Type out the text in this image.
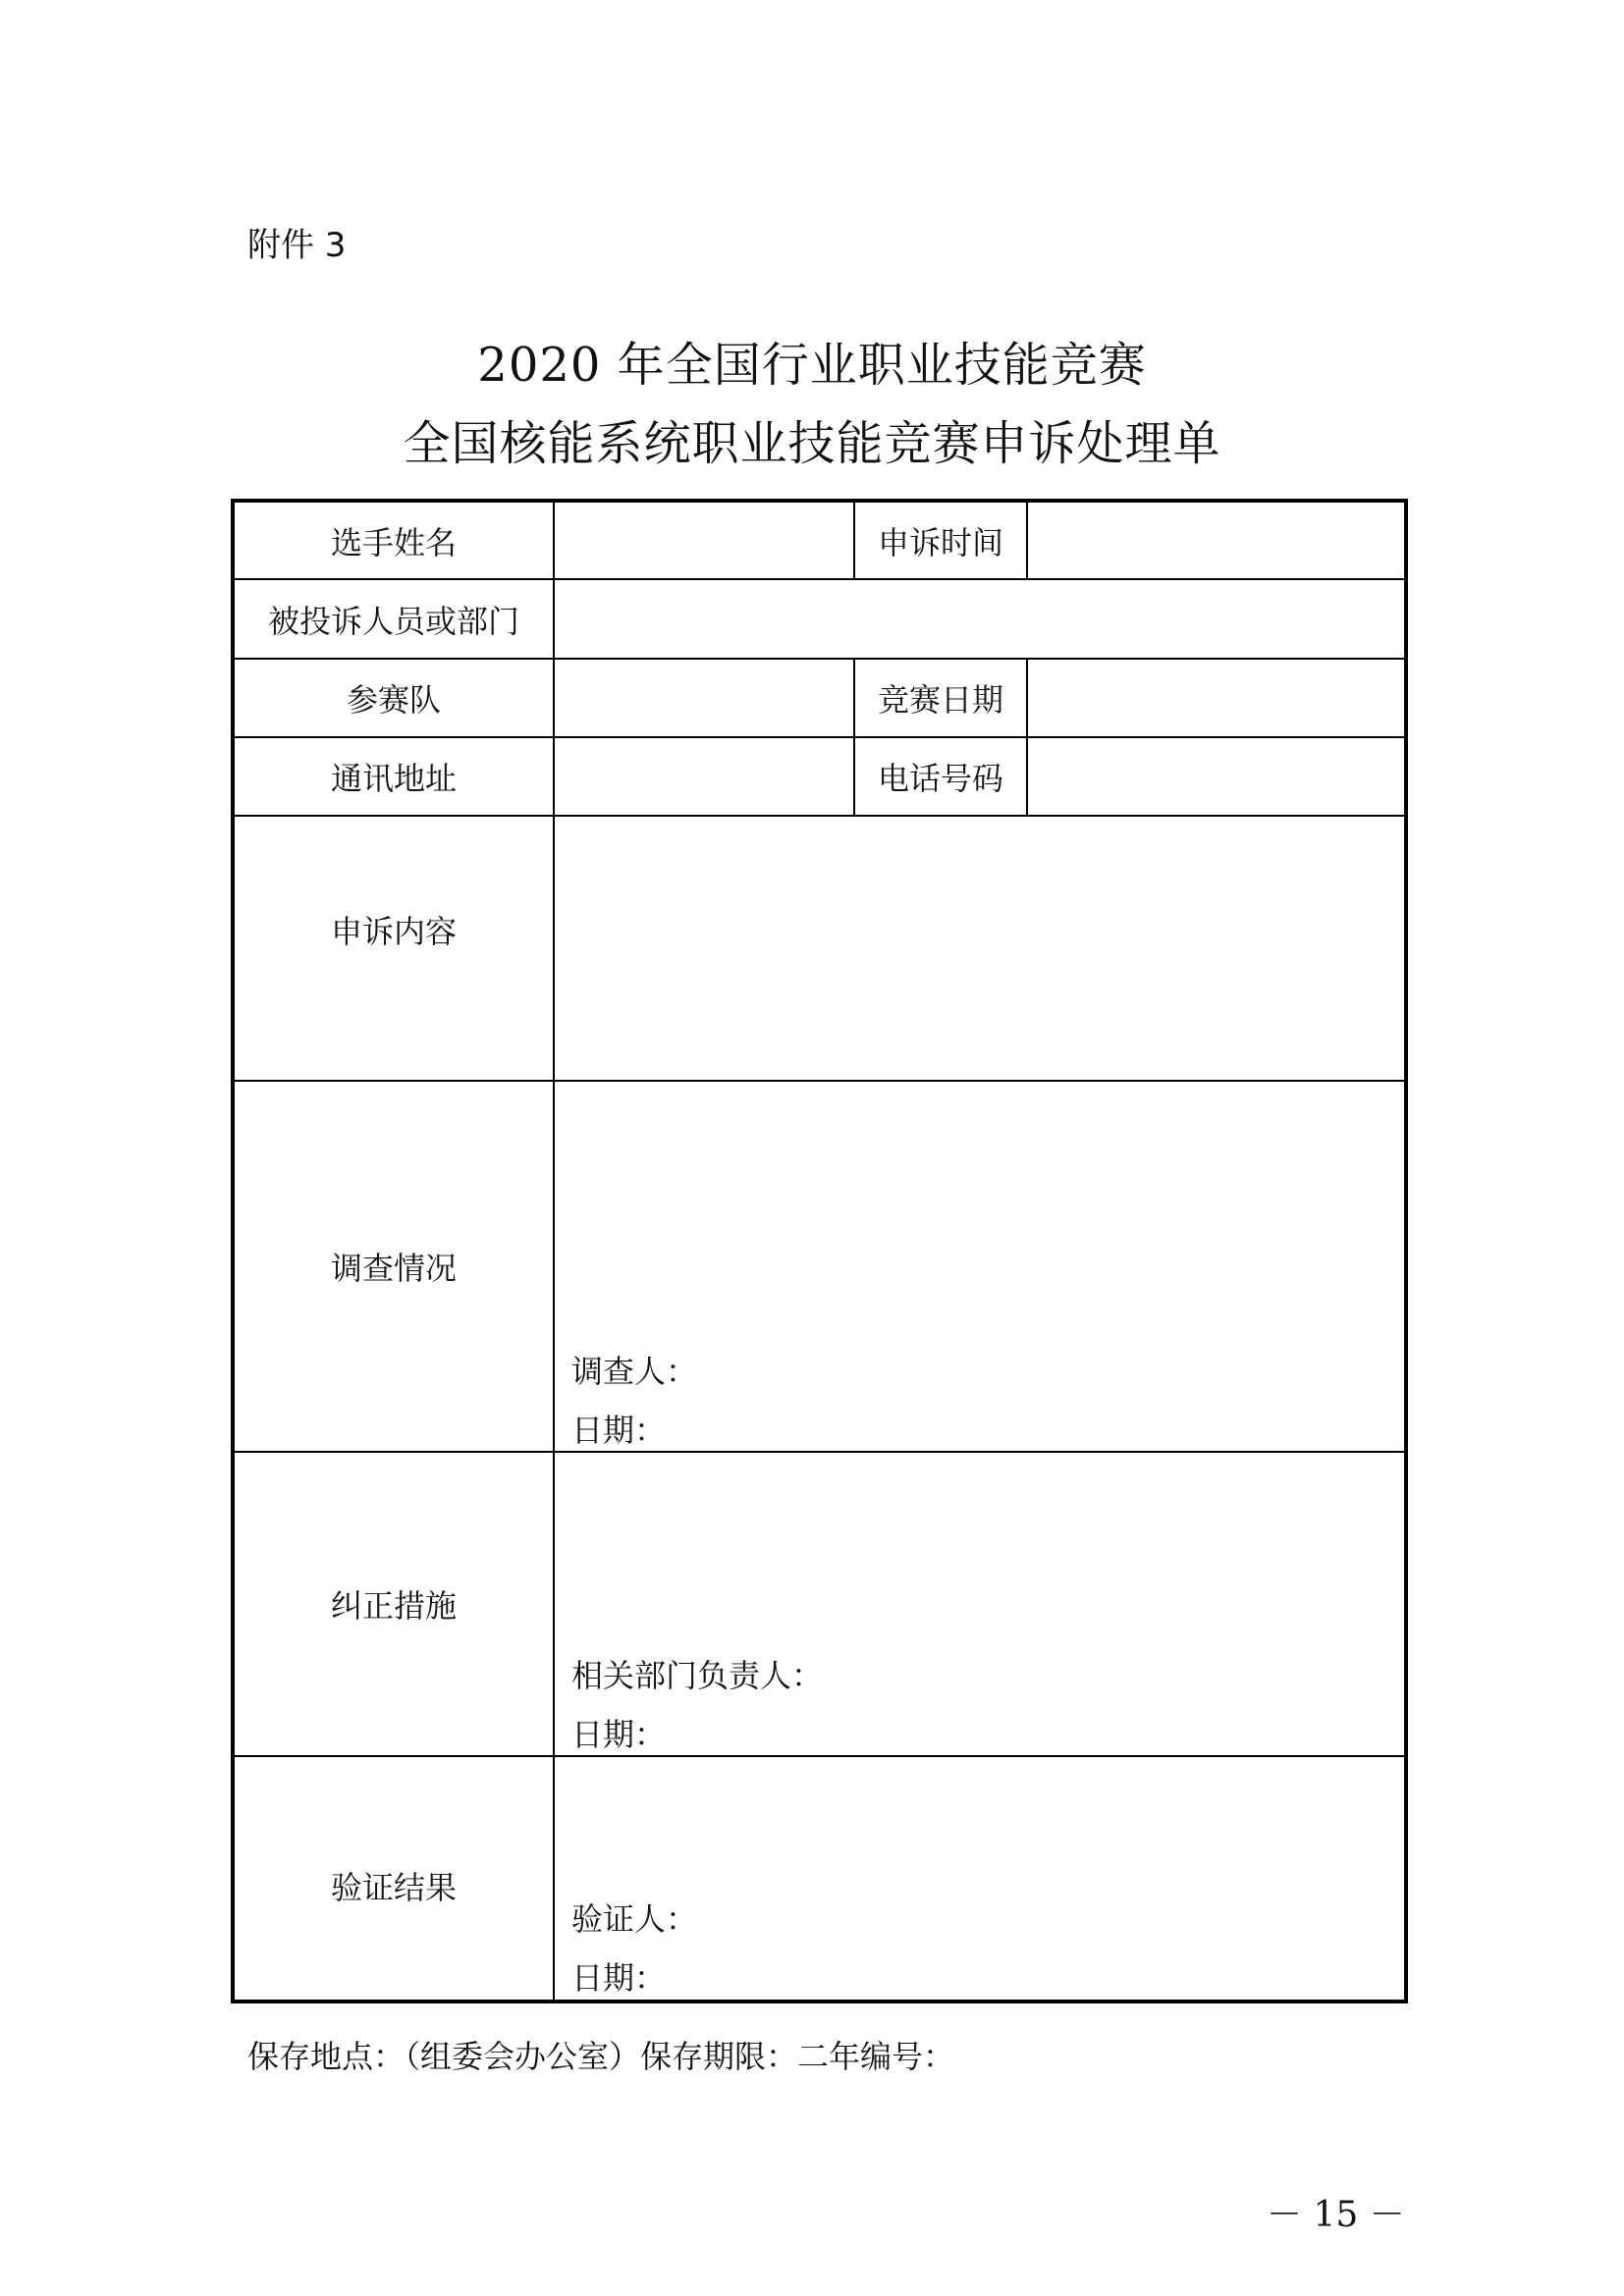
附件 3
2020 年全国行业职业技能竞赛
全国核能系统职业技能竞赛申诉处理单
选手姓名		申诉时间	
被投诉人员或部门			
参赛队		竞赛日期	
通讯地址		电话号码	
申诉内容			
调查情况	调查人：
日期：		

纠正措施	相关部门负责人：
日期：		

验证结果	验证人：
日期：		
保存地点：（组委会办公室）保存期限：二年编号：
－ 15 －
